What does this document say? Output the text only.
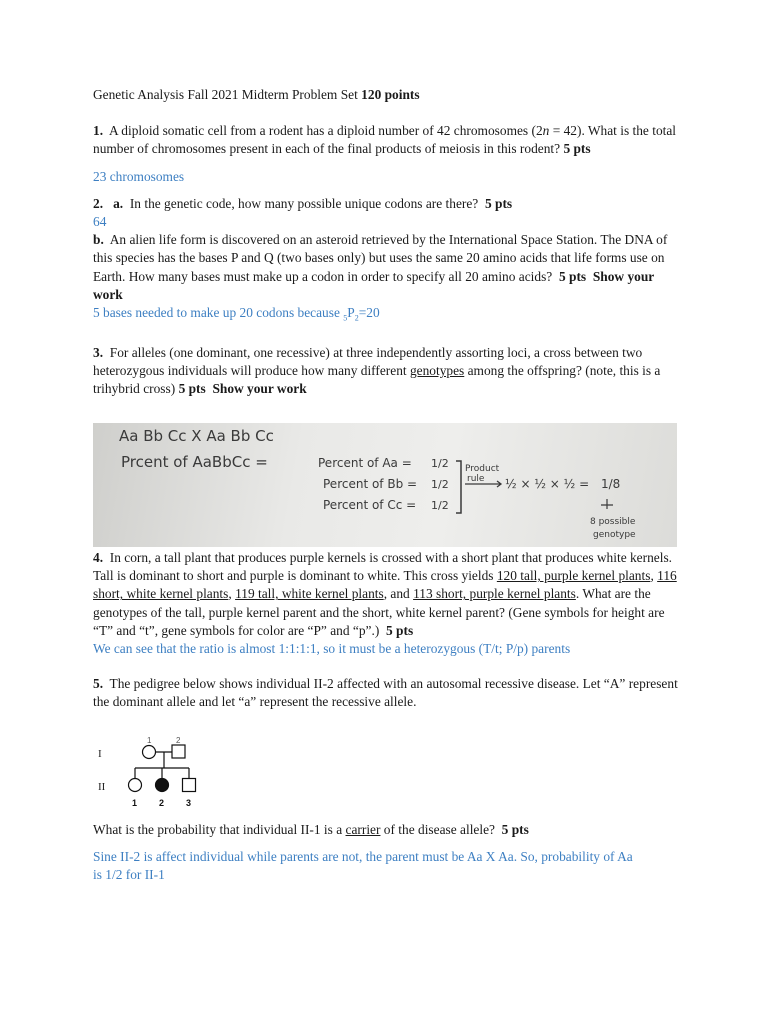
Genetic Analysis Fall 2021 Midterm Problem Set 120 points

1. A diploid somatic cell from a rodent has a diploid number of 42 chromosomes (2n = 42). What is the total number of chromosomes present in each of the final products of meiosis in this rodent? 5 pts

23 chromosomes

2. a. In the genetic code, how many possible unique codons are there? 5 pts

64

b. An alien life form is discovered on an asteroid retrieved by the International Space Station. The DNA of this species has the bases P and Q (two bases only) but uses the same 20 amino acids that life forms use on Earth. How many bases must make up a codon in order to specify all 20 amino acids? 5 pts Show your work

5 bases needed to make up 20 codons because $_5P_2=20$

3. For alleles (one dominant, one recessive) at three independently assorting loci, a cross between two heterozygous individuals will produce how many different genotypes among the offspring? (note, this is a trihybrid cross) 5 pts Show your work

Aa Bb Cc X Aa Bb Cc
Prcent of AaBbCc =	Percent of Aa =
Percent of Bb =
Percent of Cc =
1/2
1/2
1/2
Product
rule ½ × ½ × ½ = 1/8
8 possible
genotype

4. In corn, a tall plant that produces purple kernels is crossed with a short plant that produces white kernels. Tall is dominant to short and purple is dominant to white. This cross yields 120 tall, purple kernel plants, 116 short, white kernel plants, 119 tall, white kernel plants, and 113 short, purple kernel plants. What are the genotypes of the tall, purple kernel parent and the short, white kernel parent? (Gene symbols for height are “T” and “t”, gene symbols for color are “P” and “p”.) 5 pts

We can see that the ratio is almost 1:1:1:1, so it must be a heterozygous (T/t; P/p) parents

5. The pedigree below shows individual II-2 affected with an autosomal recessive disease. Let “A” represent the dominant allele and let “a” represent the recessive allele.

I
II
1	2
1 2 3

What is the probability that individual II-1 is a carrier of the disease allele? 5 pts

Sine II-2 is affect individual while parents are not, the parent must be Aa X Aa. So, probability of Aa is 1/2 for II-1
